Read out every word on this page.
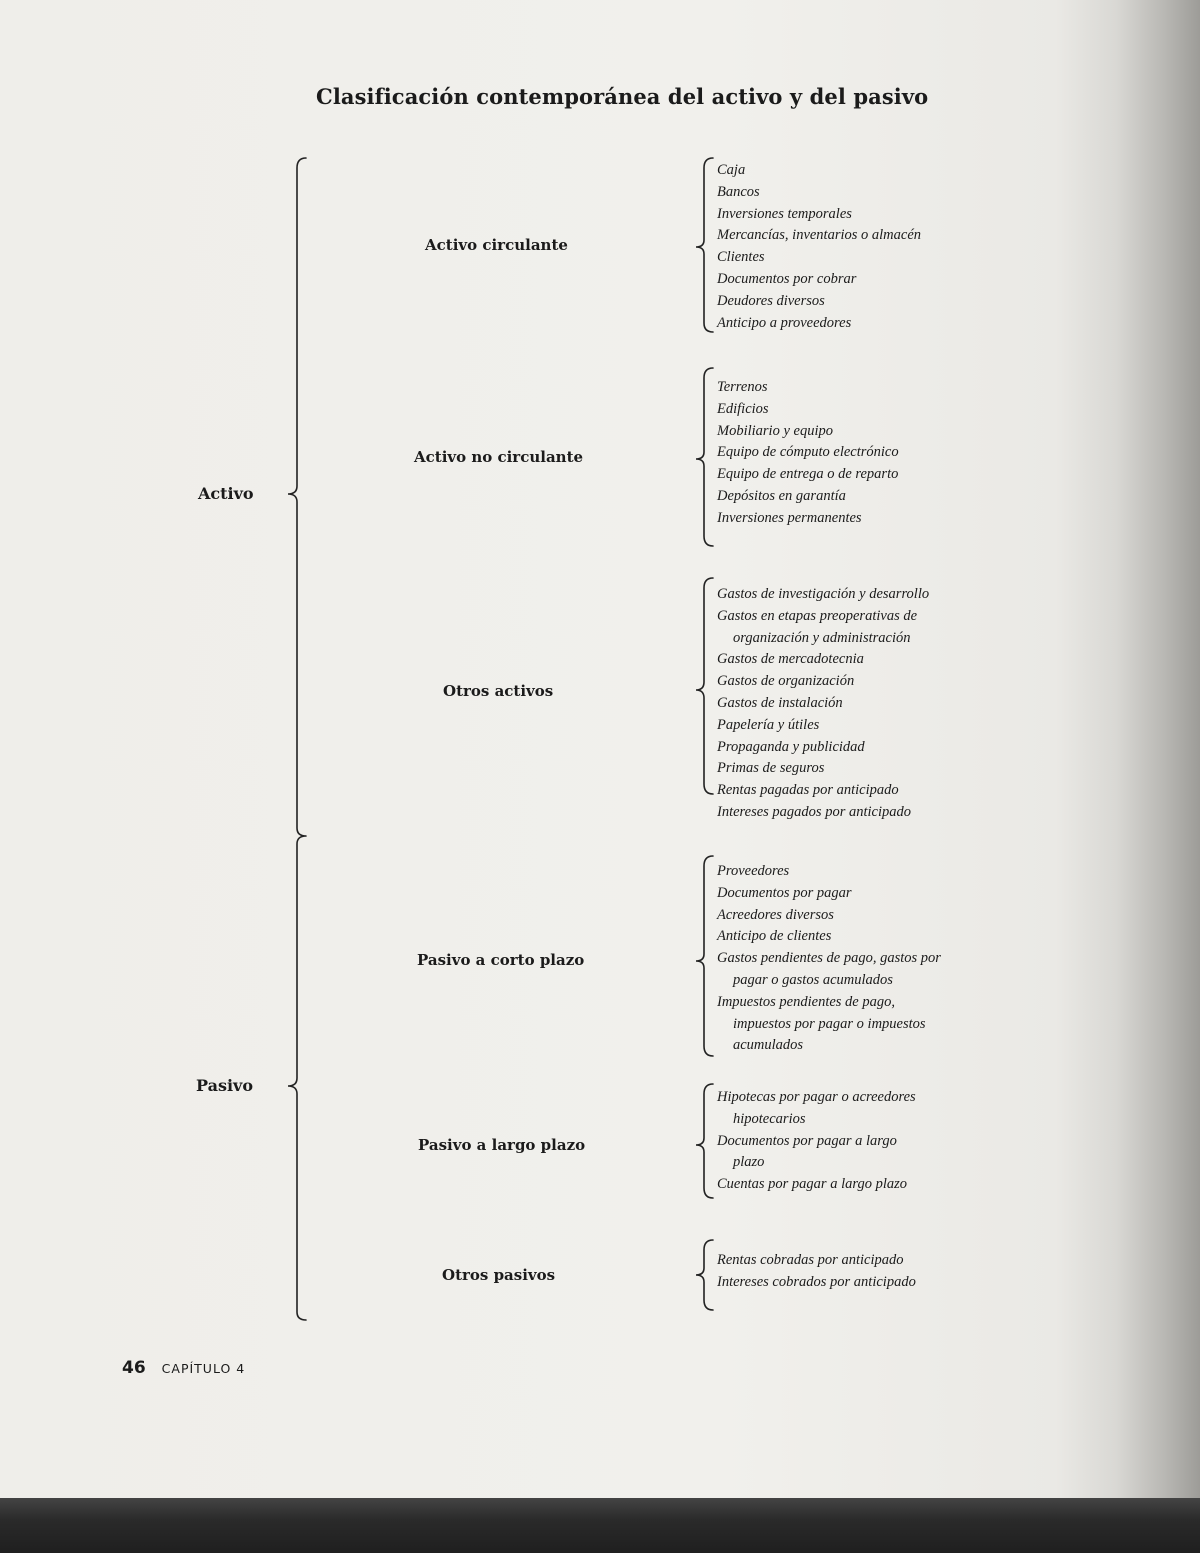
Clasificación contemporánea del activo y del pasivo
Activo
Pasivo
Activo circulante
Activo no circulante
Otros activos
Pasivo a corto plazo
Pasivo a largo plazo
Otros pasivos
Caja
Bancos
Inversiones temporales
Mercancías, inventarios o almacén
Clientes
Documentos por cobrar
Deudores diversos
Anticipo a proveedores
Terrenos
Edificios
Mobiliario y equipo
Equipo de cómputo electrónico
Equipo de entrega o de reparto
Depósitos en garantía
Inversiones permanentes
Gastos de investigación y desarrollo
Gastos en etapas preoperativas de
organización y administración
Gastos de mercadotecnia
Gastos de organización
Gastos de instalación
Papelería y útiles
Propaganda y publicidad
Primas de seguros
Rentas pagadas por anticipado
Intereses pagados por anticipado
Proveedores
Documentos por pagar
Acreedores diversos
Anticipo de clientes
Gastos pendientes de pago, gastos por
pagar o gastos acumulados
Impuestos pendientes de pago,
impuestos por pagar o impuestos
acumulados
Hipotecas por pagar o acreedores
hipotecarios
Documentos por pagar a largo
plazo
Cuentas por pagar a largo plazo
Rentas cobradas por anticipado
Intereses cobrados por anticipado
46 CAPÍTULO 4
